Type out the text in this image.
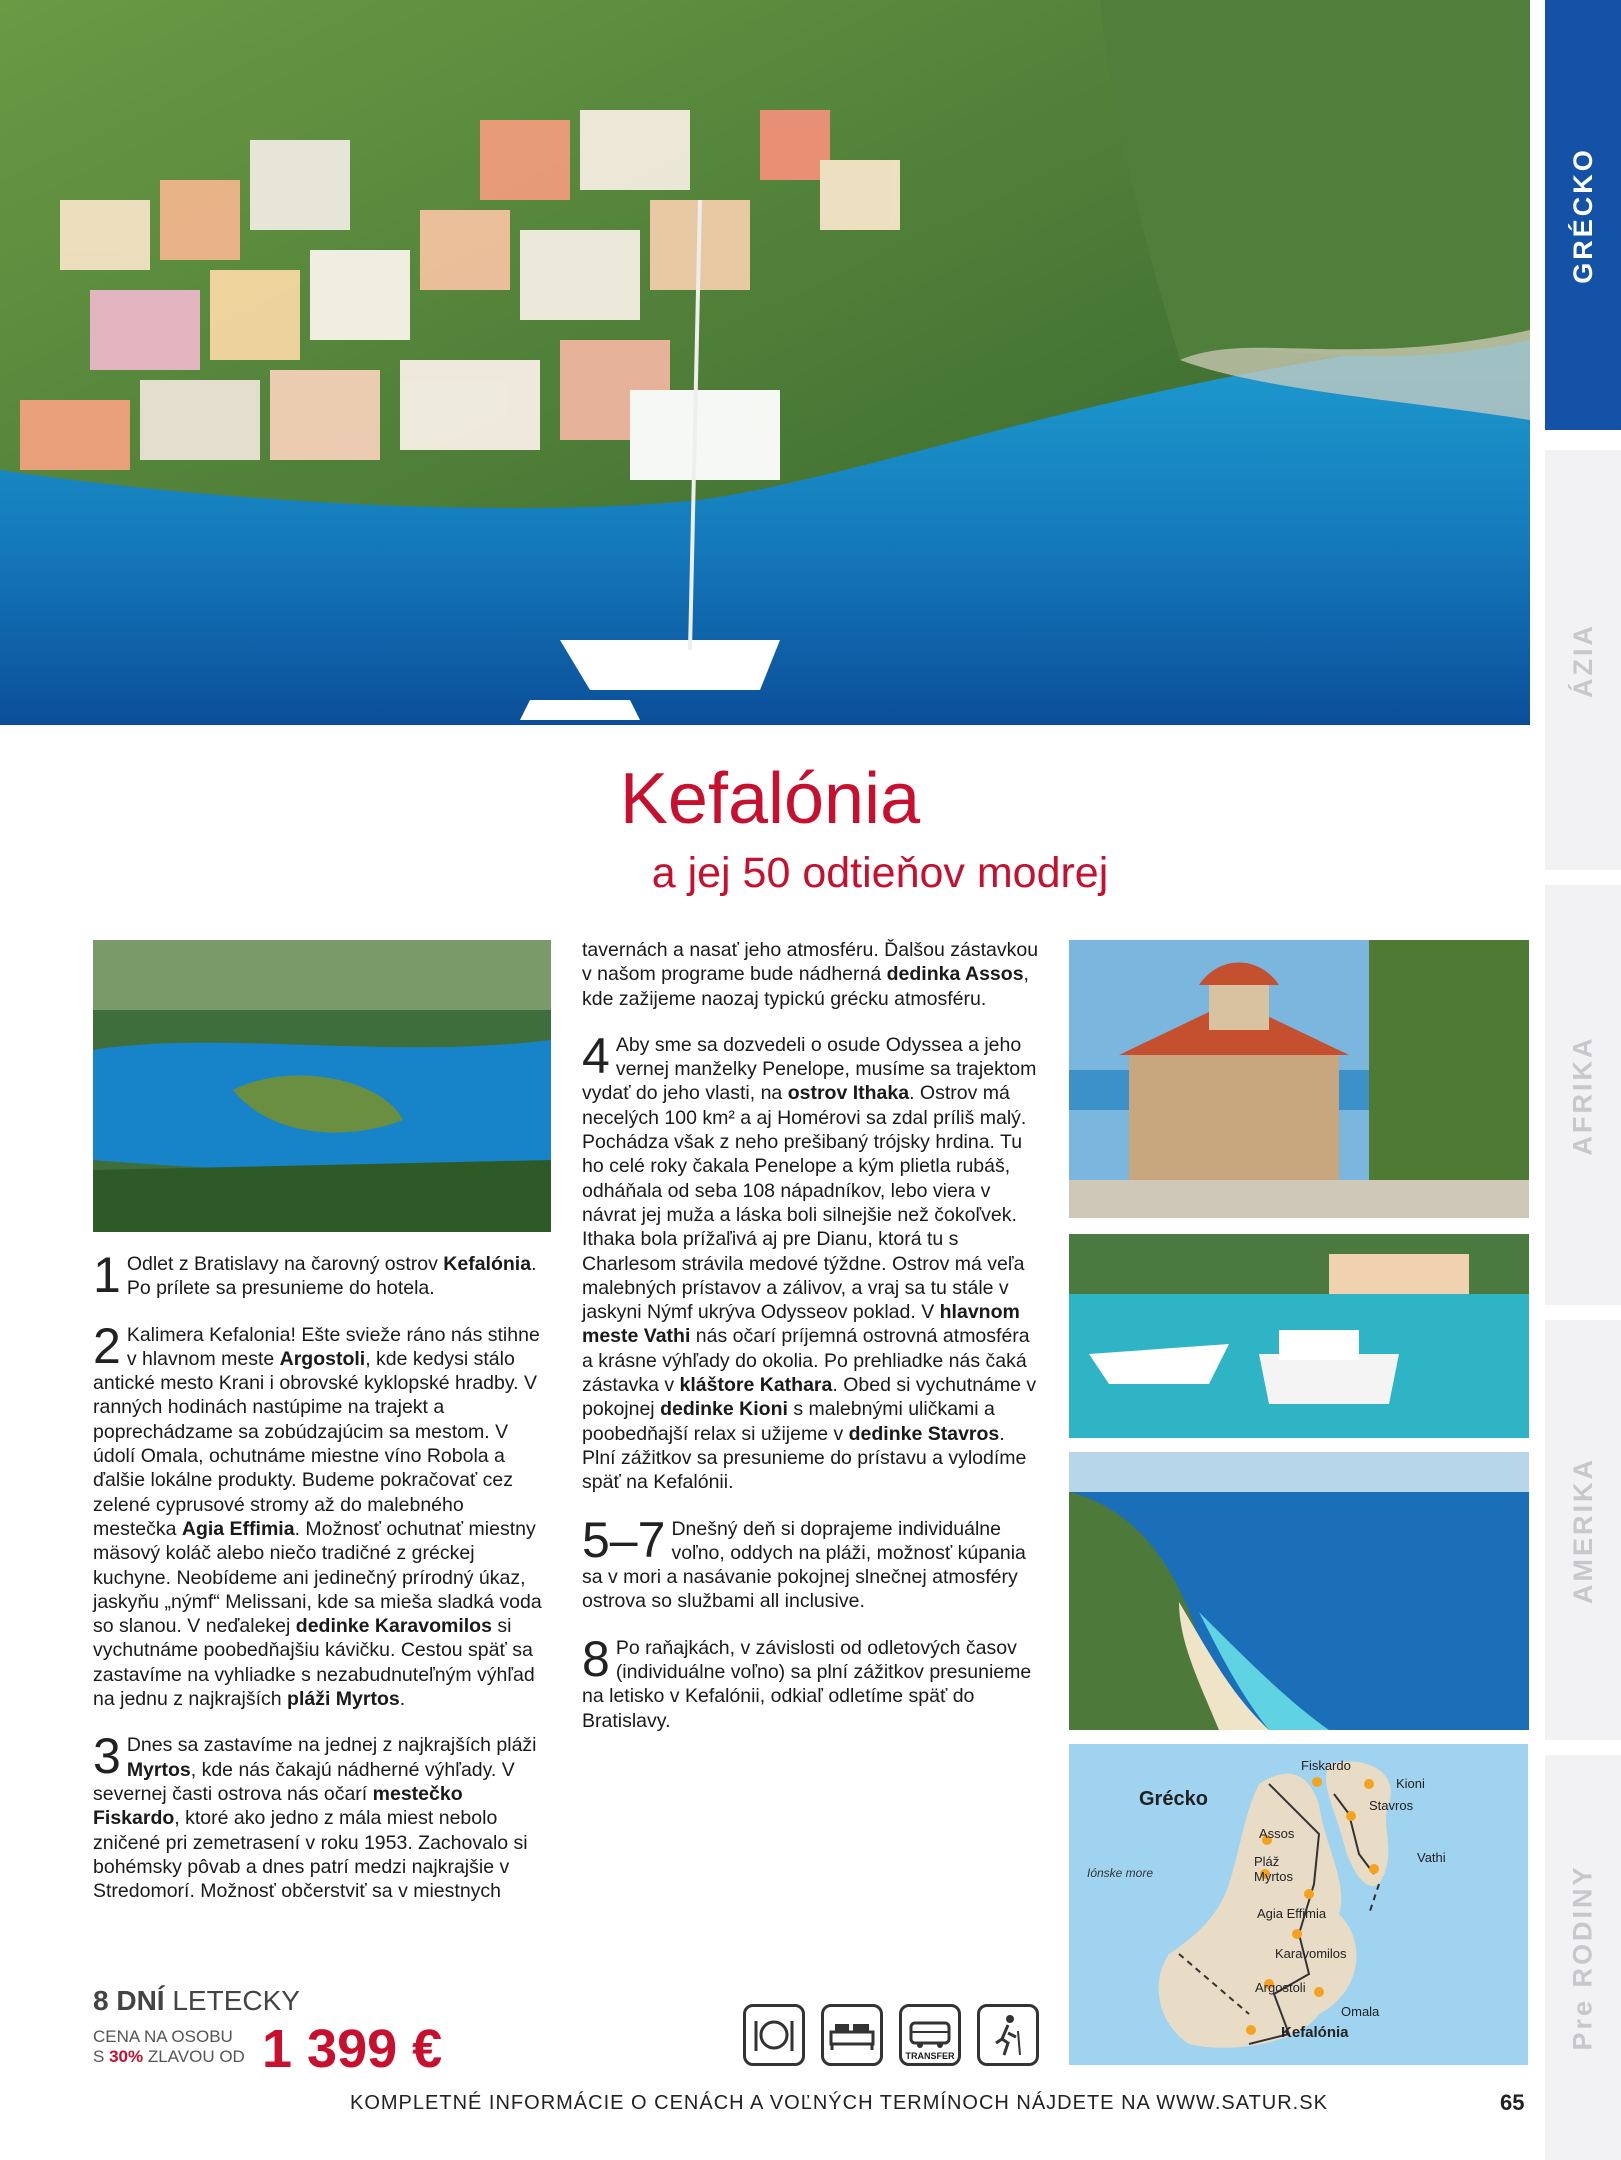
GRÉCKO
ÁZIA
AFRIKA
AMERIKA
Pre RODINY
Kefalónia
a jej 50 odtieňov modrej

1 Odlet z Bratislavy na čarovný ostrov Kefalónia. Po prílete sa presunieme do hotela.

2 Kalimera Kefalonia! Ešte svieže ráno nás stihne v hlavnom meste Argostoli, kde kedysi stálo antické mesto Krani i obrovské kyklopské hradby. V ranných hodinách nastúpime na trajekt a poprechádzame sa zobúdzajúcim sa mestom. V údolí Omala, ochutnáme miestne víno Robola a ďalšie lokálne produkty. Budeme pokračovať cez zelené cyprusové stromy až do malebného mestečka Agia Effimia. Možnosť ochutnať miestny mäsový koláč alebo niečo tradičné z gréckej kuchyne. Neobídeme ani jedinečný prírodný úkaz, jaskyňu „nýmf“ Melissani, kde sa mieša sladká voda so slanou. V neďalekej dedinke Karavomilos si vychutnáme poobedňajšiu kávičku. Cestou späť sa zastavíme na vyhliadke s nezabudnuteľným výhľad na jednu z najkrajších pláži Myrtos.

3 Dnes sa zastavíme na jednej z najkrajších pláži Myrtos, kde nás čakajú nádherné výhľady. V severnej časti ostrova nás očarí mestečko Fiskardo, ktoré ako jedno z mála miest nebolo zničené pri zemetrasení v roku 1953. Zachovalo si bohémsky pôvab a dnes patrí medzi najkrajšie v Stredomorí. Možnosť občerstviť sa v miestnych

tavernách a nasať jeho atmosféru. Ďalšou zástavkou v našom programe bude nádherná dedinka Assos, kde zažijeme naozaj typickú grécku atmosféru.

4 Aby sme sa dozvedeli o osude Odyssea a jeho vernej manželky Penelope, musíme sa trajektom vydať do jeho vlasti, na ostrov Ithaka. Ostrov má necelých 100 km² a aj Homérovi sa zdal príliš malý. Pochádza však z neho prešibaný trójsky hrdina. Tu ho celé roky čakala Penelope a kým plietla rubáš, odháňala od seba 108 nápadníkov, lebo viera v návrat jej muža a láska boli silnejšie než čokoľvek. Ithaka bola prížaľivá aj pre Dianu, ktorá tu s Charlesom strávila medové týždne. Ostrov má veľa malebných prístavov a zálivov, a vraj sa tu stále v jaskyni Nýmf ukrýva Odysseov poklad. V hlavnom meste Vathi nás očarí príjemná ostrovná atmosféra a krásne výhľady do okolia. Po prehliadke nás čaká zástavka v kláštore Kathara. Obed si vychutnáme v pokojnej dedinke Kioni s malebnými uličkami a poobedňajší relax si užijeme v dedinke Stavros. Plní zážitkov sa presunieme do prístavu a vylodíme späť na Kefalónii.

5–7 Dnešný deň si doprajeme individuálne voľno, oddych na pláži, možnosť kúpania sa v mori a nasávanie pokojnej slnečnej atmosféry ostrova so službami all inclusive.

8 Po raňajkách, v závislosti od odletových časov (individuálne voľno) sa plní zážitkov presunieme na letisko v Kefalónii, odkiaľ odletíme späť do Bratislavy.

8 DNÍ LETECKY
CENA NA OSOBU
S 30% ZLAVOU OD 1 399 €	TRANSFER
Grécko
Iónske more
Fiskardo
Kioni
Stavros
Assos
Vathi
Pláž Myrtos
Agia Effimia
Karavomilos
Argostoli
Omala
Kefalónia
KOMPLETNÉ INFORMÁCIE O CENÁCH A VOĽNÝCH TERMÍNOCH NÁJDETE NA WWW.SATUR.SK	65
